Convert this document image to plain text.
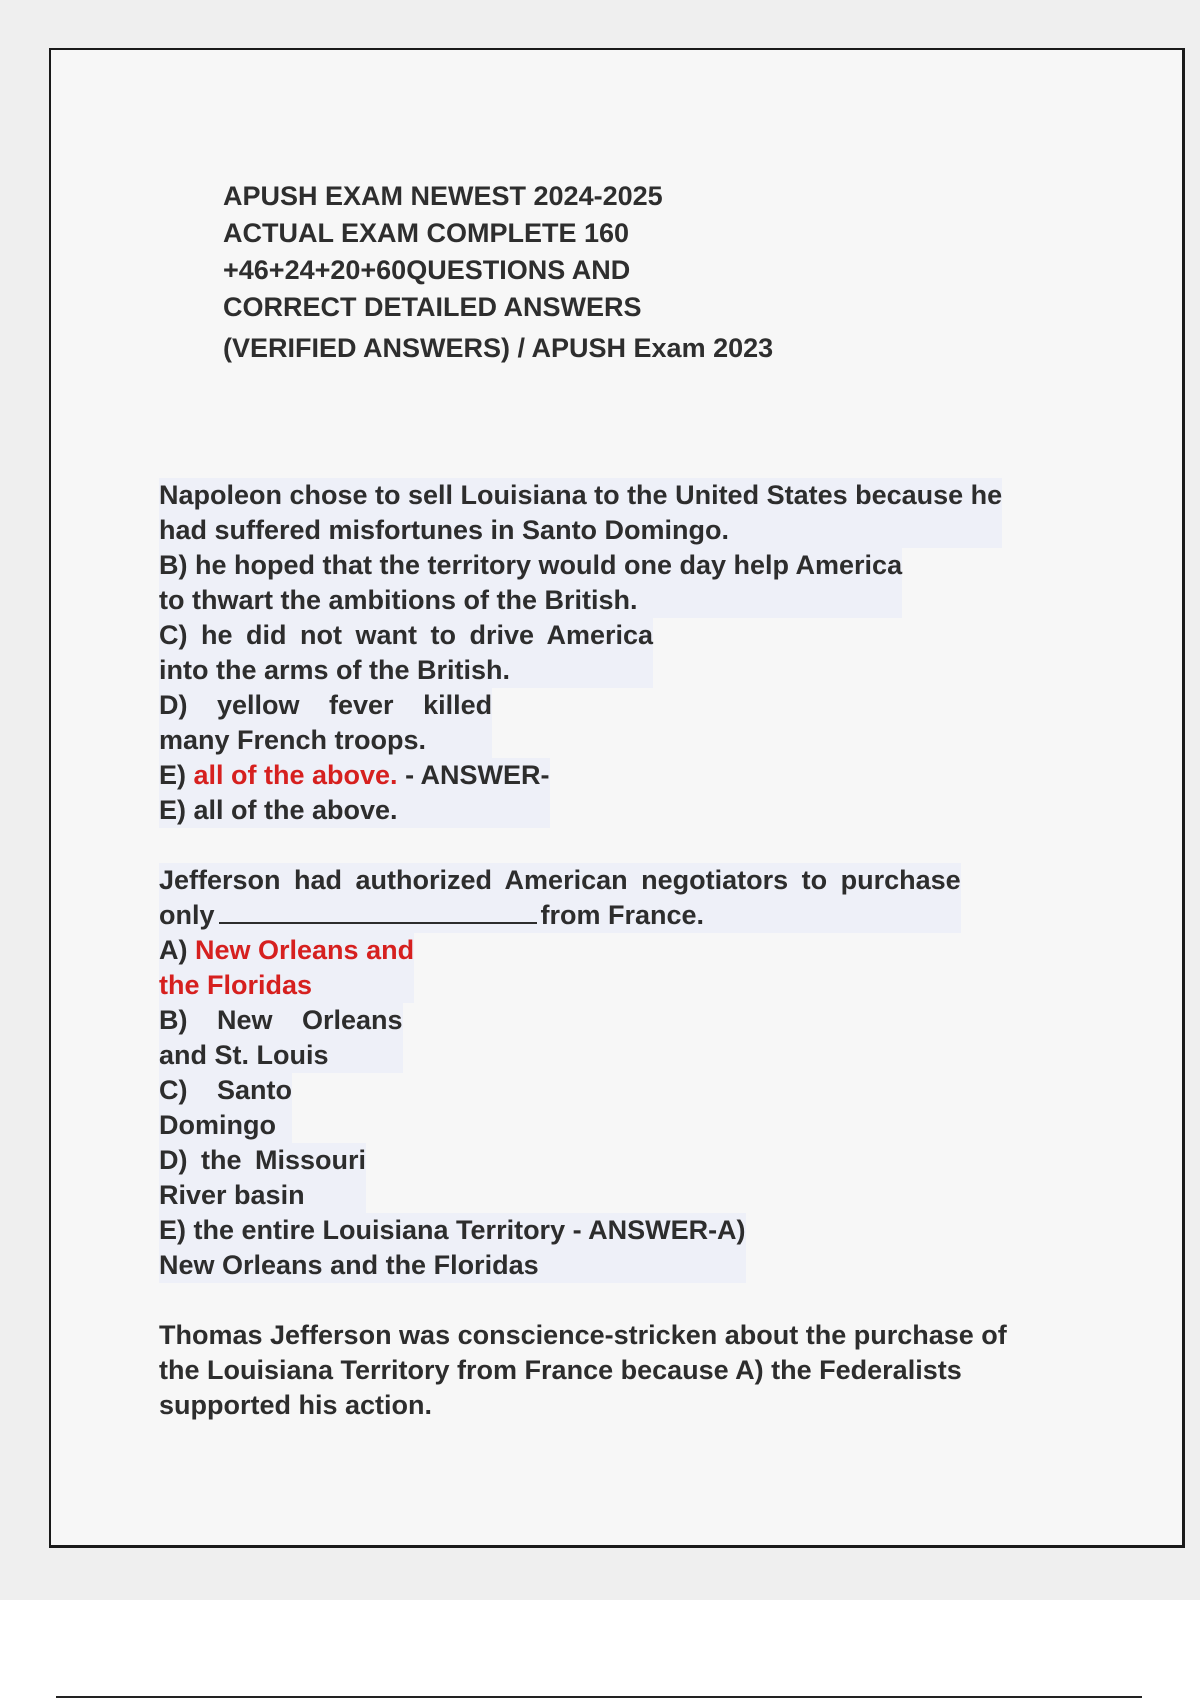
APUSH EXAM NEWEST 2024-2025
ACTUAL EXAM COMPLETE 160
+46+24+20+60QUESTIONS AND
CORRECT DETAILED ANSWERS
(VERIFIED ANSWERS) / APUSH Exam 2023
Napoleon chose to sell Louisiana to the United States because he
had suffered misfortunes in Santo Domingo.

B) he hoped that the territory would one day help America
to thwart the ambitions of the British.

C) he did not want to drive America
into the arms of the British.

D) yellow fever killed
many French troops.

E) all of the above. - ANSWER-
E) all of the above.
Jefferson had authorized American negotiators to purchase
only	from France.

A) New Orleans and
the Floridas

B) New Orleans
and St. Louis

C) Santo
Domingo

D) the Missouri
River basin

E) the entire Louisiana Territory - ANSWER-A)
New Orleans and the Floridas
Thomas Jefferson was conscience-stricken about the purchase of
the Louisiana Territory from France because A) the Federalists
supported his action.
